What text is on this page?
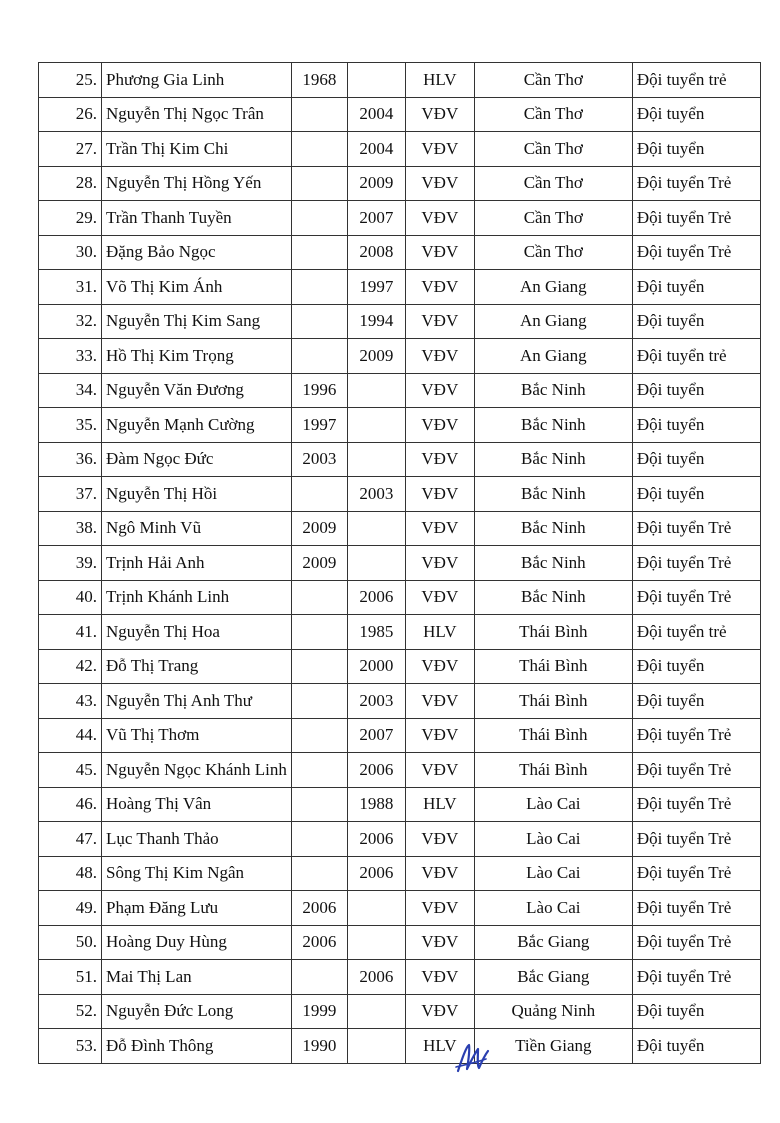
25.	Phương Gia Linh	1968		HLV	Cần Thơ	Đội tuyển trẻ
26.	Nguyễn Thị Ngọc Trân		2004	VĐV	Cần Thơ	Đội tuyển
27.	Trần Thị Kim Chi		2004	VĐV	Cần Thơ	Đội tuyển
28.	Nguyễn Thị Hồng Yến		2009	VĐV	Cần Thơ	Đội tuyển Trẻ
29.	Trần Thanh Tuyền		2007	VĐV	Cần Thơ	Đội tuyển Trẻ
30.	Đặng Bảo Ngọc		2008	VĐV	Cần Thơ	Đội tuyển Trẻ
31.	Võ Thị Kim Ánh		1997	VĐV	An Giang	Đội tuyển
32.	Nguyễn Thị Kim Sang		1994	VĐV	An Giang	Đội tuyển
33.	Hồ Thị Kim Trọng		2009	VĐV	An Giang	Đội tuyển trẻ
34.	Nguyễn Văn Đương	1996		VĐV	Bắc Ninh	Đội tuyển
35.	Nguyễn Mạnh Cường	1997		VĐV	Bắc Ninh	Đội tuyển
36.	Đàm Ngọc Đức	2003		VĐV	Bắc Ninh	Đội tuyển
37.	Nguyễn Thị Hồi		2003	VĐV	Bắc Ninh	Đội tuyển
38.	Ngô Minh Vũ	2009		VĐV	Bắc Ninh	Đội tuyển Trẻ
39.	Trịnh Hải Anh	2009		VĐV	Bắc Ninh	Đội tuyển Trẻ
40.	Trịnh Khánh Linh		2006	VĐV	Bắc Ninh	Đội tuyển Trẻ
41.	Nguyễn Thị Hoa		1985	HLV	Thái Bình	Đội tuyển trẻ
42.	Đỗ Thị Trang		2000	VĐV	Thái Bình	Đội tuyển
43.	Nguyễn Thị Anh Thư		2003	VĐV	Thái Bình	Đội tuyển
44.	Vũ Thị Thơm		2007	VĐV	Thái Bình	Đội tuyển Trẻ
45.	Nguyễn Ngọc Khánh Linh		2006	VĐV	Thái Bình	Đội tuyển Trẻ
46.	Hoàng Thị Vân		1988	HLV	Lào Cai	Đội tuyển Trẻ
47.	Lục Thanh Thảo		2006	VĐV	Lào Cai	Đội tuyển Trẻ
48.	Sông Thị Kim Ngân		2006	VĐV	Lào Cai	Đội tuyển Trẻ
49.	Phạm Đăng Lưu	2006		VĐV	Lào Cai	Đội tuyển Trẻ
50.	Hoàng Duy Hùng	2006		VĐV	Bắc Giang	Đội tuyển Trẻ
51.	Mai Thị Lan		2006	VĐV	Bắc Giang	Đội tuyển Trẻ
52.	Nguyễn Đức Long	1999		VĐV	Quảng Ninh	Đội tuyển
53.	Đỗ Đình Thông	1990		HLV	Tiền Giang	Đội tuyển
